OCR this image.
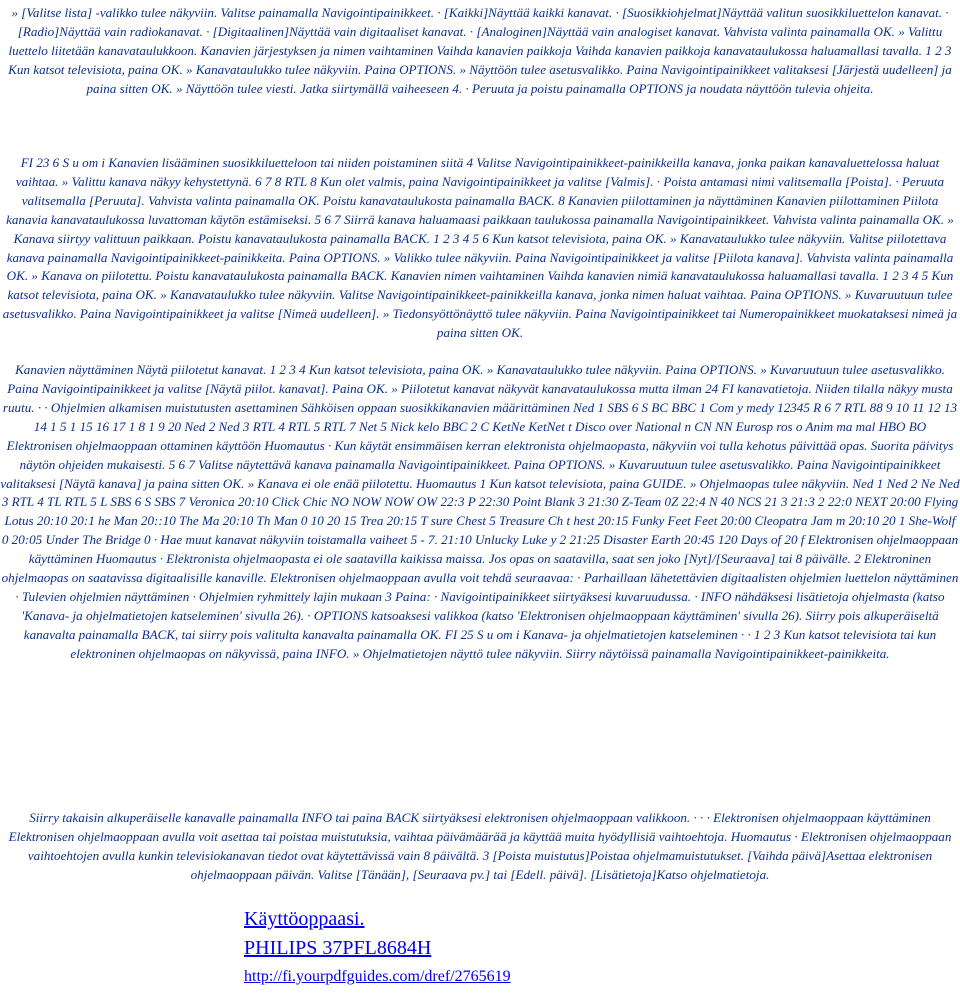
» [Valitse lista] -valikko tulee näkyviin. Valitse painamalla Navigointipainikkeet. · [Kaikki]Näyttää kaikki kanavat. · [Suosikkiohjelmat]Näyttää valitun suosikkiluettelon kanavat. · [Radio]Näyttää vain radiokanavat. · [Digitaalinen]Näyttää vain digitaaliset kanavat. · [Analoginen]Näyttää vain analogiset kanavat. Vahvista valinta painamalla OK. » Valittu luettelo liitetään kanavataulukkoon. Kanavien järjestyksen ja nimen vaihtaminen Vaihda kanavien paikkoja Vaihda kanavien paikkoja kanavataulukossa haluamallasi tavalla. 1 2 3 Kun katsot televisiota, paina OK. » Kanavataulukko tulee näkyviin. Paina OPTIONS. » Näyttöön tulee asetusvalikko. Paina Navigointipainikkeet valitaksesi [Järjestä uudelleen] ja paina sitten OK. » Näyttöön tulee viesti. Jatka siirtymällä vaiheeseen 4. · Peruuta ja poistu painamalla OPTIONS ja noudata näyttöön tulevia ohjeita.
FI 23 6 S u om i Kanavien lisääminen suosikkiluetteloon tai niiden poistaminen siitä 4 Valitse Navigointipainikkeet-painikkeilla kanava, jonka paikan kanavaluettelossa haluat vaihtaa. » Valittu kanava näkyy kehystettynä. 6 7 8 RTL 8 Kun olet valmis, paina Navigointipainikkeet ja valitse [Valmis]. · Poista antamasi nimi valitsemalla [Poista]. · Peruuta valitsemalla [Peruuta]. Vahvista valinta painamalla OK. Poistu kanavataulukosta painamalla BACK. 8 Kanavien piilottaminen ja näyttäminen Kanavien piilottaminen Piilota kanavia kanavataulukossa luvattoman käytön estämiseksi. 5 6 7 Siirrä kanava haluamaasi paikkaan taulukossa painamalla Navigointipainikkeet. Vahvista valinta painamalla OK. » Kanava siirtyy valittuun paikkaan. Poistu kanavataulukosta painamalla BACK. 1 2 3 4 5 6 Kun katsot televisiota, paina OK. » Kanavataulukko tulee näkyviin. Valitse piilotettava kanava painamalla Navigointipainikkeet-painikkeita. Paina OPTIONS. » Valikko tulee näkyviin. Paina Navigointipainikkeet ja valitse [Piilota kanava]. Vahvista valinta painamalla OK. » Kanava on piilotettu. Poistu kanavataulukosta painamalla BACK. Kanavien nimen vaihtaminen Vaihda kanavien nimiä kanavataulukossa haluamallasi tavalla. 1 2 3 4 5 Kun katsot televisiota, paina OK. » Kanavataulukko tulee näkyviin. Valitse Navigointipainikkeet-painikkeilla kanava, jonka nimen haluat vaihtaa. Paina OPTIONS. » Kuvaruutuun tulee asetusvalikko. Paina Navigointipainikkeet ja valitse [Nimeä uudelleen]. » Tiedonsyöttönäyttö tulee näkyviin. Paina Navigointipainikkeet tai Numeropainikkeet muokataksesi nimeä ja paina sitten OK.
Kanavien näyttäminen Näytä piilotetut kanavat. 1 2 3 4 Kun katsot televisiota, paina OK. » Kanavataulukko tulee näkyviin. Paina OPTIONS. » Kuvaruutuun tulee asetusvalikko. Paina Navigointipainikkeet ja valitse [Näytä piilot. kanavat]. Paina OK. » Piilotetut kanavat näkyvät kanavataulukossa mutta ilman 24 FI kanavatietoja. Niiden tilalla näkyy musta ruutu. · · Ohjelmien alkamisen muistutusten asettaminen Sähköisen oppaan suosikkikanavien määrittäminen Ned 1 SBS 6 S BC BBC 1 Com y medy 12345 R 6 7 RTL 88 9 10 11 12 13 14 1 5 1 15 16 17 1 8 1 9 20 Ned 2 Ned 3 RTL 4 RTL 5 RTL 7 Net 5 Nick kelo BBC 2 C KetNe KetNet t Disco over National n CN NN Eurosp ros o Anim ma mal HBO BO Elektronisen ohjelmaoppaan ottaminen käyttöön Huomautus · Kun käytät ensimmäisen kerran elektronista ohjelmaopasta, näkyviin voi tulla kehotus päivittää opas. Suorita päivitys näytön ohjeiden mukaisesti. 5 6 7 Valitse näytettävä kanava painamalla Navigointipainikkeet. Paina OPTIONS. » Kuvaruutuun tulee asetusvalikko. Paina Navigointipainikkeet valitaksesi [Näytä kanava] ja paina sitten OK. » Kanava ei ole enää piilotettu. Huomautus 1 Kun katsot televisiota, paina GUIDE. » Ohjelmaopas tulee näkyviin. Ned 1 Ned 2 Ne Ned 3 RTL 4 TL RTL 5 L SBS 6 S SBS 7 Veronica 20:10 Click Chic NO NOW NOW OW 22:3 P 22:30 Point Blank 3 21:30 Z-Team 0Z 22:4 N 40 NCS 21 3 21:3 2 22:0 NEXT 20:00 Flying Lotus 20:10 20:1 he Man 20::10 The Ma 20:10 Th Man 0 10 20 15 Trea 20:15 T sure Chest 5 Treasure Ch t hest 20:15 Funky Feet Feet 20:00 Cleopatra Jam m 20:10 20 1 She-Wolf 0 20:05 Under The Bridge 0 · Hae muut kanavat näkyviin toistamalla vaiheet 5 - 7. 21:10 Unlucky Luke y 2 21:25 Disaster Earth 20:45 120 Days of 20 f Elektronisen ohjelmaoppaan käyttäminen Huomautus · Elektronista ohjelmaopasta ei ole saatavilla kaikissa maissa. Jos opas on saatavilla, saat sen joko [Nyt]/[Seuraava] tai 8 päivälle. 2 Elektroninen ohjelmaopas on saatavissa digitaalisille kanaville. Elektronisen ohjelmaoppaan avulla voit tehdä seuraavaa: · Parhaillaan lähetettävien digitaalisten ohjelmien luettelon näyttäminen · Tulevien ohjelmien näyttäminen · Ohjelmien ryhmittely lajin mukaan 3 Paina: · Navigointipainikkeet siirtyäksesi kuvaruudussa. · INFO nähdäksesi lisätietoja ohjelmasta (katso 'Kanava- ja ohjelmatietojen katseleminen' sivulla 26). · OPTIONS katsoaksesi valikkoa (katso 'Elektronisen ohjelmaoppaan käyttäminen' sivulla 26). Siirry pois alkuperäiseltä kanavalta painamalla BACK, tai siirry pois valitulta kanavalta painamalla OK. FI 25 S u om i Kanava- ja ohjelmatietojen katseleminen · · 1 2 3 Kun katsot televisiota tai kun elektroninen ohjelmaopas on näkyvissä, paina INFO. » Ohjelmatietojen näyttö tulee näkyviin. Siirry näytöissä painamalla Navigointipainikkeet-painikkeita.
Siirry takaisin alkuperäiselle kanavalle painamalla INFO tai paina BACK siirtyäksesi elektronisen ohjelmaoppaan valikkoon. · · · Elektronisen ohjelmaoppaan käyttäminen Elektronisen ohjelmaoppaan avulla voit asettaa tai poistaa muistutuksia, vaihtaa päivämäärää ja käyttää muita hyödyllisiä vaihtoehtoja. Huomautus · Elektronisen ohjelmaoppaan vaihtoehtojen avulla kunkin televisiokanavan tiedot ovat käytettävissä vain 8 päivältä. 3 [Poista muistutus]Poistaa ohjelmamuistutukset. [Vaihda päivä]Asettaa elektronisen ohjelmaoppaan päivän. Valitse [Tänään], [Seuraava pv.] tai [Edell. päivä]. [Lisätietoja]Katso ohjelmatietoja.
Käyttöoppaasi.
PHILIPS 37PFL8684H
http://fi.yourpdfguides.com/dref/2765619
